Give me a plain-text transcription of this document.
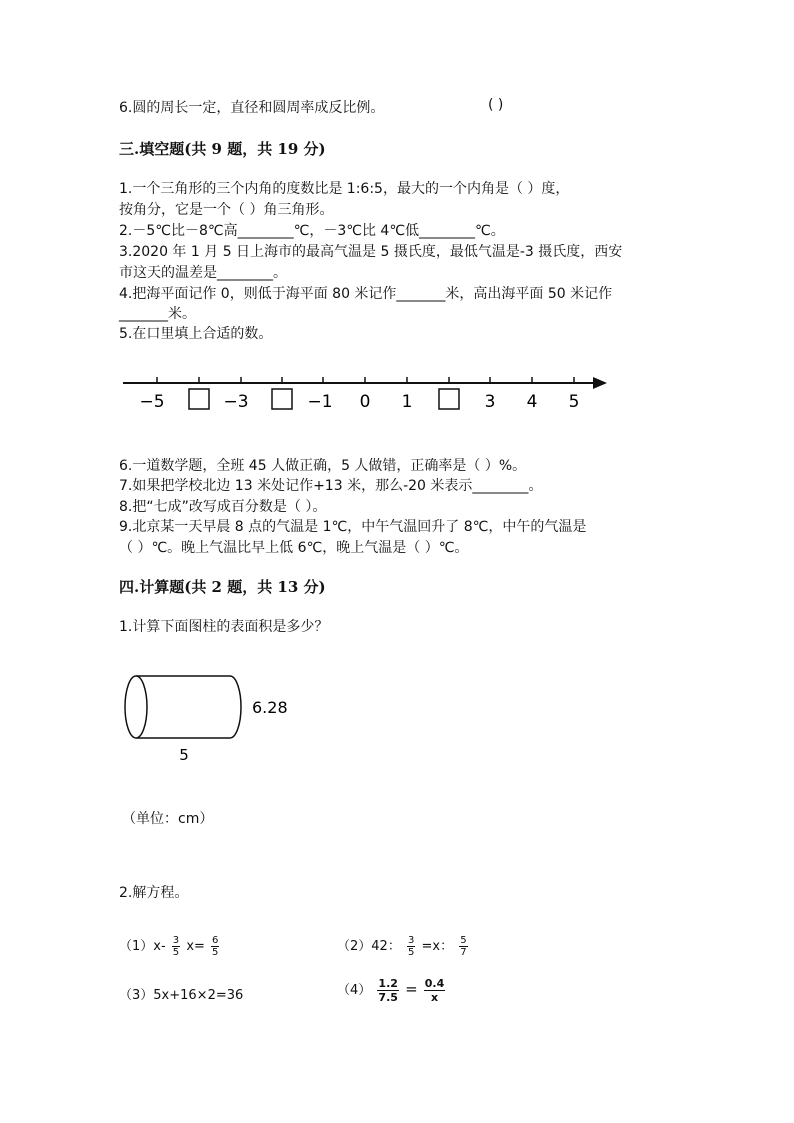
6.圆的周长一定，直径和圆周率成反比例。	( )
三.填空题(共 9 题，共 19 分)
1.一个三角形的三个内角的度数比是 1:6:5，最大的一个内角是（ ）度，
按角分，它是一个（ ）角三角形。
2.－5℃比－8℃高________℃，－3℃比 4℃低________℃。
3.2020 年 1 月 5 日上海市的最高气温是 5 摄氏度，最低气温是-3 摄氏度，西安
市这天的温差是________。
4.把海平面记作 0，则低于海平面 80 米记作_______米，高出海平面 50 米记作
_______米。
5.在口里填上合适的数。
−5	−3	−1 0 1	3 4 5
6.一道数学题，全班 45 人做正确，5 人做错，正确率是（ ）%。
7.如果把学校北边 13 米处记作+13 米，那么-20 米表示________。
8.把“七成”改写成百分数是（ ）。
9.北京某一天早晨 8 点的气温是 1℃，中午气温回升了 8℃，中午的气温是
（ ）℃。晚上气温比早上低 6℃，晚上气温是（ ）℃。
四.计算题(共 2 题，共 13 分)
1.计算下面图柱的表面积是多少？
6.28
5
（单位：cm）
2.解方程。
$(1)x- \frac{3}{5} x= \frac{6}{5}$	（2）42： $\frac{3}{5} =x$： $\frac{5}{7}$
（3）5x+16×2=36	$(4) \frac{1.2}{7.5} = \frac{0.4}{x}$
